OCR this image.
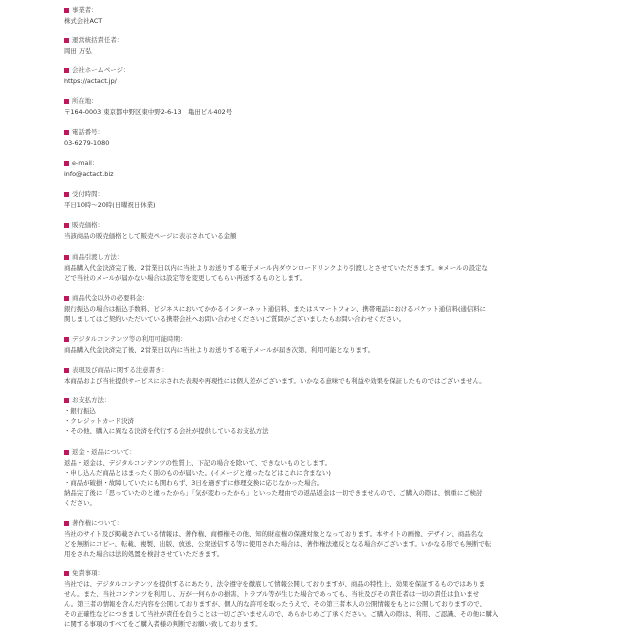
事業者：
株式会社ACT
運営統括責任者：
岡田 万弘
会社ホームページ：
https://actact.jp/
所在地：
〒164-0003 東京都中野区東中野2-6-13　亀田ビル402号
電話番号：
03-6279-1080
e-mail：
info@actact.biz
受付時間：
平日10時〜20時(日曜祝日休業)
販売価格：
当該商品の販売価格として販売ページに表示されている金額
商品引渡し方法：
商品購入代金決済完了後、2営業日以内に当社よりお送りする電子メール内ダウンロードリンクより引渡しとさせていただきます。※メールの設定な
どで当社のメールが届かない場合は設定等を変更してもらい再送するものとします。
商品代金以外の必要料金：
銀行振込の場合は振込手数料、ビジネスにおいてかかるインターネット通信料、またはスマートフォン、携帯電話におけるパケット通信料(通信料に
関しましてはご契約いただいている携帯会社へお問い合わせください)ご質問がございましたらお問い合わせください。
デジタルコンテンツ等の利用可能時期：
商品購入代金決済完了後、2営業日以内に当社よりお送りする電子メールが届き次第、利用可能となります。
表現及び商品に関する注意書き：
本商品および当社提供サービスに示された表現や再現性には個人差がございます。いかなる意味でも利益や効果を保証したものではございません。
お支払方法：
・銀行振込
・クレジットカード決済
・その他、購入に異なる決済を代行する会社が提供しているお支払方法
返金・返品について：
返品・返金は、デジタルコンテンツの性質上、下記の場合を除いて、できないものとします。
・申し込んだ商品とはまったく別のものが届いた。(イメージと違ったなどはこれに含まない)
・商品が破損・故障していたにも関わらず、3日を過ぎずに修理交換に応じなかった場合。
納品完了後に「思っていたのと違ったから」「気が変わったから」といった理由での返品返金は一切できませんので、ご購入の際は、慎重にご検討
ください。
著作権について：
当社のサイト及び掲載されている情報は、著作権、商標権その他、知的財産権の保護対象となっております。本サイトの画像、デザイン、商品名な
どを無断にコピー、転載、複製、出版、放送、公衆送信する等に使用された場合は、著作権法違反となる場合がございます。いかなる形でも無断で転
用をされた場合は法的処置を検討させていただきます。
免責事項：
当社では、デジタルコンテンツを提供するにあたり、法令遵守を徹底して情報公開しておりますが、商品の特性上、効果を保証するものではありま
せん。また、当社コンテンツを利用し、万が一何らかの損害、トラブル等が生じた場合であっても、当社及びその責任者は一切の責任は負いませ
ん。第三者の情報を含んだ内容を公開しておりますが、個人的な許可を取ったうえで、その第三者本人の公開情報をもとに公開しておりますので、
その正確性などにつきまして当社が責任を負うことは一切ございませんので、あらかじめご了承ください。ご購入の際は、利用、ご認識、その他に購入
に関する事項のすべてをご購入者様の判断でお願い致しております。
